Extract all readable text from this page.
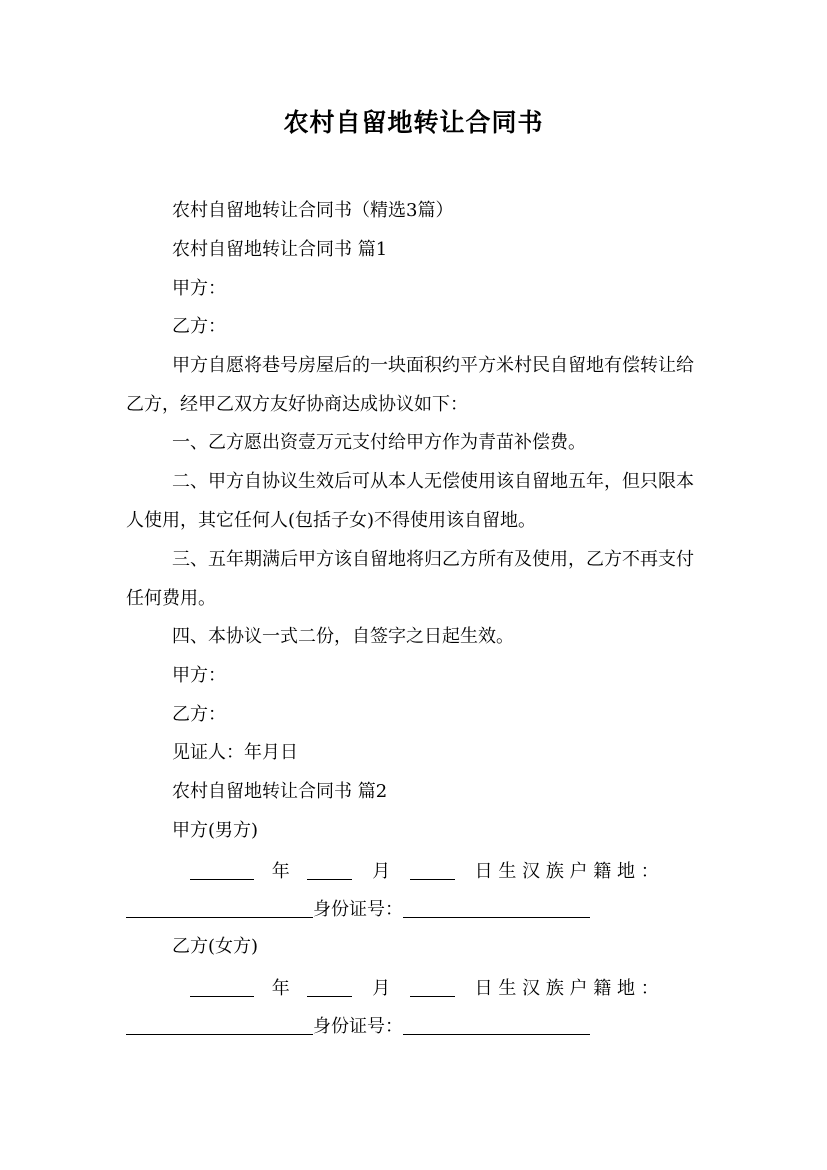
农村自留地转让合同书
农村自留地转让合同书（精选3篇）
农村自留地转让合同书 篇1
甲方：
乙方：
甲方自愿将巷号房屋后的一块面积约平方米村民自留地有偿转让给乙方，经甲乙双方友好协商达成协议如下：
一、乙方愿出资壹万元支付给甲方作为青苗补偿费。
二、甲方自协议生效后可从本人无偿使用该自留地五年，但只限本人使用，其它任何人(包括子女)不得使用该自留地。
三、五年期满后甲方该自留地将归乙方所有及使用，乙方不再支付任何费用。
四、本协议一式二份，自签字之日起生效。
甲方：
乙方：
见证人：年月日
农村自留地转让合同书 篇2
甲方(男方)
年	月	日 生 汉 族 户 籍 地 ：
身份证号：
乙方(女方)
年	月	日 生 汉 族 户 籍 地 ：
身份证号：
